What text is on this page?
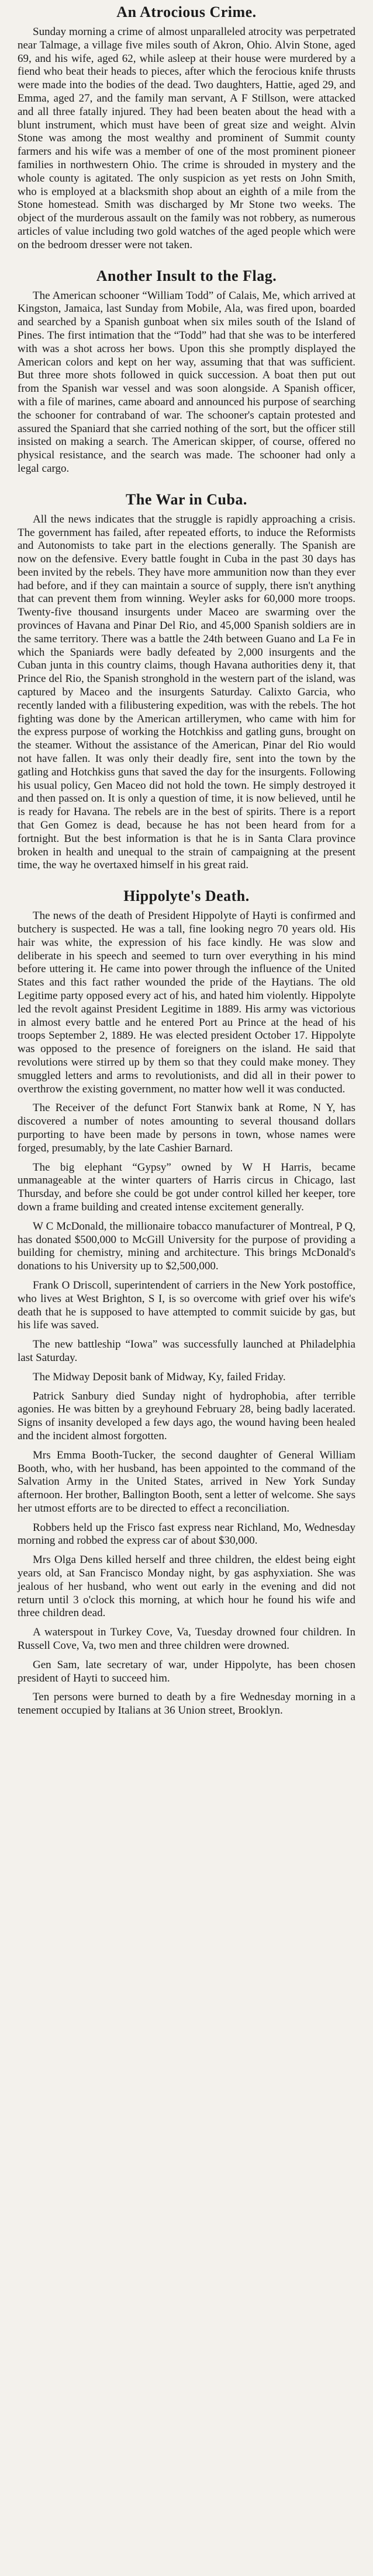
An Atrocious Crime.

Sunday morning a crime of almost unparalleled atrocity was perpetrated near Talmage, a village five miles south of Akron, Ohio. Alvin Stone, aged 69, and his wife, aged 62, while asleep at their house were murdered by a fiend who beat their heads to pieces, after which the ferocious knife thrusts were made into the bodies of the dead. Two daughters, Hattie, aged 29, and Emma, aged 27, and the family man servant, A F Stillson, were attacked and all three fatally injured. They had been beaten about the head with a blunt instrument, which must have been of great size and weight. Alvin Stone was among the most wealthy and prominent of Summit county farmers and his wife was a member of one of the most prominent pioneer families in northwestern Ohio. The crime is shrouded in mystery and the whole county is agitated. The only suspicion as yet rests on John Smith, who is employed at a blacksmith shop about an eighth of a mile from the Stone homestead. Smith was discharged by Mr Stone two weeks. The object of the murderous assault on the family was not robbery, as numerous articles of value including two gold watches of the aged people which were on the bedroom dresser were not taken.

Another Insult to the Flag.

The American schooner “William Todd” of Calais, Me, which arrived at Kingston, Jamaica, last Sunday from Mobile, Ala, was fired upon, boarded and searched by a Spanish gunboat when six miles south of the Island of Pines. The first intimation that the “Todd” had that she was to be interfered with was a shot across her bows. Upon this she promptly displayed the American colors and kept on her way, assuming that that was sufficient. But three more shots followed in quick succession. A boat then put out from the Spanish war vessel and was soon alongside. A Spanish officer, with a file of marines, came aboard and announced his purpose of searching the schooner for contraband of war. The schooner's captain protested and assured the Spaniard that she carried nothing of the sort, but the officer still insisted on making a search. The American skipper, of course, offered no physical resistance, and the search was made. The schooner had only a legal cargo.

The War in Cuba.

All the news indicates that the struggle is rapidly approaching a crisis. The government has failed, after repeated efforts, to induce the Reformists and Autonomists to take part in the elections generally. The Spanish are now on the defensive. Every battle fought in Cuba in the past 30 days has been invited by the rebels. They have more ammunition now than they ever had before, and if they can maintain a source of supply, there isn't anything that can prevent them from winning. Weyler asks for 60,000 more troops. Twenty-five thousand insurgents under Maceo are swarming over the provinces of Havana and Pinar Del Rio, and 45,000 Spanish soldiers are in the same territory. There was a battle the 24th between Guano and La Fe in which the Spaniards were badly defeated by 2,000 insurgents and the Cuban junta in this country claims, though Havana authorities deny it, that Prince del Rio, the Spanish stronghold in the western part of the island, was captured by Maceo and the insurgents Saturday. Calixto Garcia, who recently landed with a filibustering expedition, was with the rebels. The hot fighting was done by the American artillerymen, who came with him for the express purpose of working the Hotchkiss and gatling guns, brought on the steamer. Without the assistance of the American, Pinar del Rio would not have fallen. It was only their deadly fire, sent into the town by the gatling and Hotchkiss guns that saved the day for the insurgents. Following his usual policy, Gen Maceo did not hold the town. He simply destroyed it and then passed on. It is only a question of time, it is now believed, until he is ready for Havana. The rebels are in the best of spirits. There is a report that Gen Gomez is dead, because he has not been heard from for a fortnight. But the best information is that he is in Santa Clara province broken in health and unequal to the strain of campaigning at the present time, the way he overtaxed himself in his great raid.

Hippolyte's Death.

The news of the death of President Hippolyte of Hayti is confirmed and butchery is suspected. He was a tall, fine looking negro 70 years old. His hair was white, the expression of his face kindly. He was slow and deliberate in his speech and seemed to turn over everything in his mind before uttering it. He came into power through the influence of the United States and this fact rather wounded the pride of the Haytians. The old Legitime party opposed every act of his, and hated him violently. Hippolyte led the revolt against President Legitime in 1889. His army was victorious in almost every battle and he entered Port au Prince at the head of his troops September 2, 1889. He was elected president October 17. Hippolyte was opposed to the presence of foreigners on the island. He said that revolutions were stirred up by them so that they could make money. They smuggled letters and arms to revolutionists, and did all in their power to overthrow the existing government, no matter how well it was conducted.

The Receiver of the defunct Fort Stanwix bank at Rome, N Y, has discovered a number of notes amounting to several thousand dollars purporting to have been made by persons in town, whose names were forged, presumably, by the late Cashier Barnard.

The big elephant “Gypsy” owned by W H Harris, became unmanageable at the winter quarters of Harris circus in Chicago, last Thursday, and before she could be got under control killed her keeper, tore down a frame building and created intense excitement generally.

W C McDonald, the millionaire tobacco manufacturer of Montreal, P Q, has donated $500,000 to McGill University for the purpose of providing a building for chemistry, mining and architecture. This brings McDonald's donations to his University up to $2,500,000.

Frank O Driscoll, superintendent of carriers in the New York postoffice, who lives at West Brighton, S I, is so overcome with grief over his wife's death that he is supposed to have attempted to commit suicide by gas, but his life was saved.

The new battleship “Iowa” was successfully launched at Philadelphia last Saturday.

The Midway Deposit bank of Midway, Ky, failed Friday.

Patrick Sanbury died Sunday night of hydrophobia, after terrible agonies. He was bitten by a greyhound February 28, being badly lacerated. Signs of insanity developed a few days ago, the wound having been healed and the incident almost forgotten.

Mrs Emma Booth-Tucker, the second daughter of General William Booth, who, with her husband, has been appointed to the command of the Salvation Army in the United States, arrived in New York Sunday afternoon. Her brother, Ballington Booth, sent a letter of welcome. She says her utmost efforts are to be directed to effect a reconciliation.

Robbers held up the Frisco fast express near Richland, Mo, Wednesday morning and robbed the express car of about $30,000.

Mrs Olga Dens killed herself and three children, the eldest being eight years old, at San Francisco Monday night, by gas asphyxiation. She was jealous of her husband, who went out early in the evening and did not return until 3 o'clock this morning, at which hour he found his wife and three children dead.

A waterspout in Turkey Cove, Va, Tuesday drowned four children. In Russell Cove, Va, two men and three children were drowned.

Gen Sam, late secretary of war, under Hippolyte, has been chosen president of Hayti to succeed him.

Ten persons were burned to death by a fire Wednesday morning in a tenement occupied by Italians at 36 Union street, Brooklyn.
